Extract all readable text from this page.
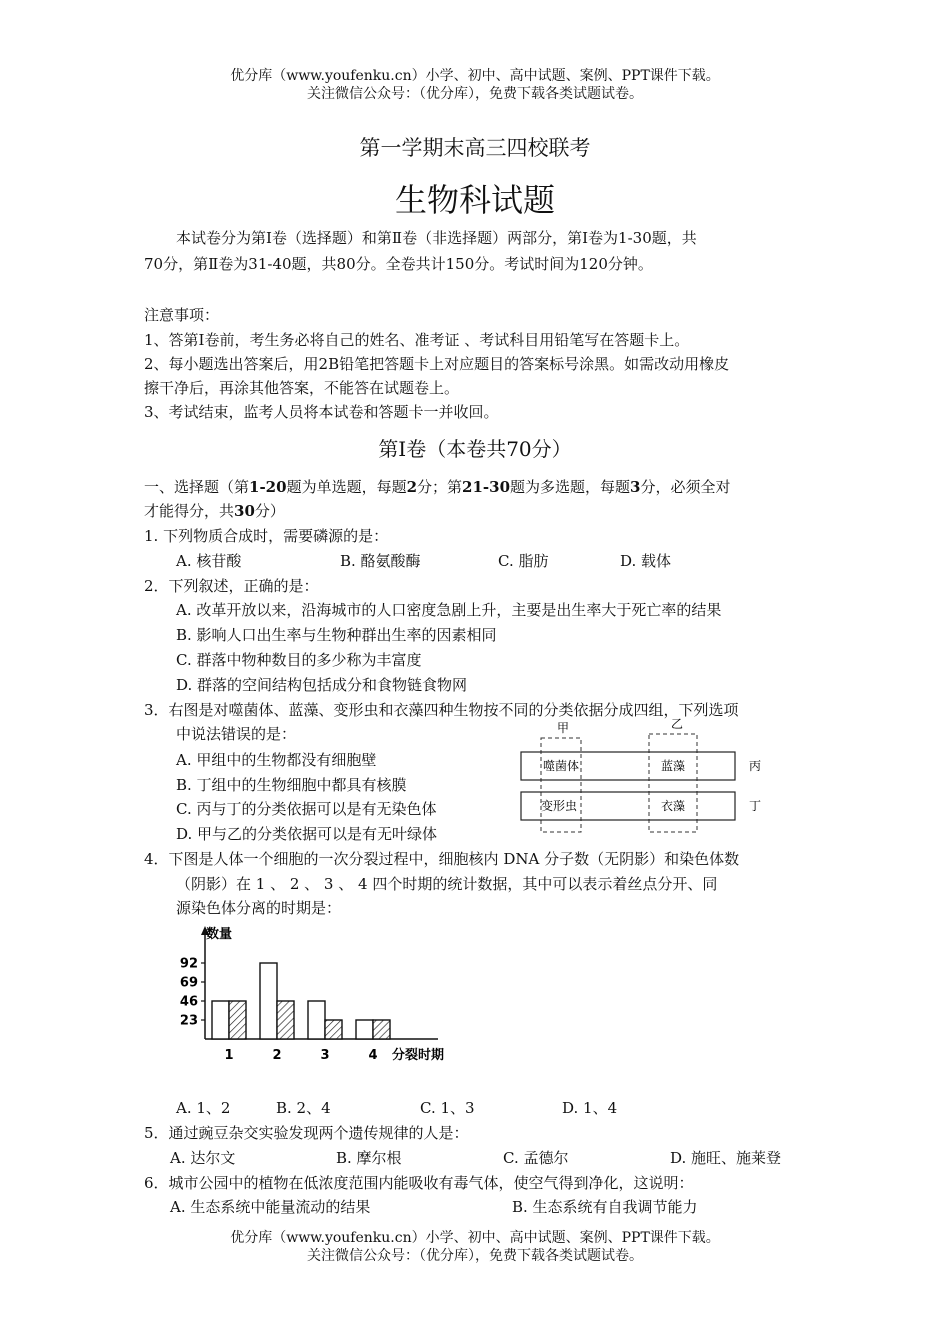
优分库（www.youfenku.cn）小学、初中、高中试题、案例、PPT课件下载。
关注微信公众号：（优分库），免费下载各类试题试卷。
第一学期末高三四校联考
生物科试题
本试卷分为第Ⅰ卷（选择题）和第Ⅱ卷（非选择题）两部分，第Ⅰ卷为1-30题，共
70分，第Ⅱ卷为31-40题，共80分。全卷共计150分。考试时间为120分钟。
注意事项：
1、答第Ⅰ卷前，考生务必将自己的姓名、准考证 、考试科目用铅笔写在答题卡上。
2、每小题选出答案后，用2B铅笔把答题卡上对应题目的答案标号涂黑。如需改动用橡皮
擦干净后，再涂其他答案，不能答在试题卷上。
3、考试结束，监考人员将本试卷和答题卡一并收回。
第Ⅰ卷（本卷共70分）
一、选择题（第1-20题为单选题，每题2分；第21-30题为多选题，每题3分，必须全对
才能得分，共30分）
1. 下列物质合成时，需要磷源的是：
A. 核苷酸	B. 酪氨酸酶	C. 脂肪	D. 载体
2．下列叙述，正确的是：
A. 改革开放以来，沿海城市的人口密度急剧上升，主要是出生率大于死亡率的结果
B. 影响人口出生率与生物种群出生率的因素相同
C. 群落中物种数目的多少称为丰富度
D. 群落的空间结构包括成分和食物链食物网
3．右图是对噬菌体、蓝藻、变形虫和衣藻四种生物按不同的分类依据分成四组，下列选项
中说法错误的是：
A. 甲组中的生物都没有细胞壁
B. 丁组中的生物细胞中都具有核膜
C. 丙与丁的分类依据可以是有无染色体
D. 甲与乙的分类依据可以是有无叶绿体
甲	乙
噬菌体	蓝藻
变形虫	衣藻
丙
丁
4．下图是人体一个细胞的一次分裂过程中，细胞核内 DNA 分子数（无阴影）和染色体数
（阴影）在 1 、 2 、 3 、 4 四个时期的统计数据，其中可以表示着丝点分开、同
源染色体分离的时期是：
数量
分裂时期
23
46
69
92
1	2	3	4
A. 1、2	B. 2、4	C. 1、3	D. 1、4
5．通过豌豆杂交实验发现两个遗传规律的人是：
A. 达尔文	B. 摩尔根	C. 孟德尔	D. 施旺、施莱登
6．城市公园中的植物在低浓度范围内能吸收有毒气体，使空气得到净化，这说明：
A. 生态系统中能量流动的结果	B. 生态系统有自我调节能力
优分库（www.youfenku.cn）小学、初中、高中试题、案例、PPT课件下载。
关注微信公众号：（优分库），免费下载各类试题试卷。
